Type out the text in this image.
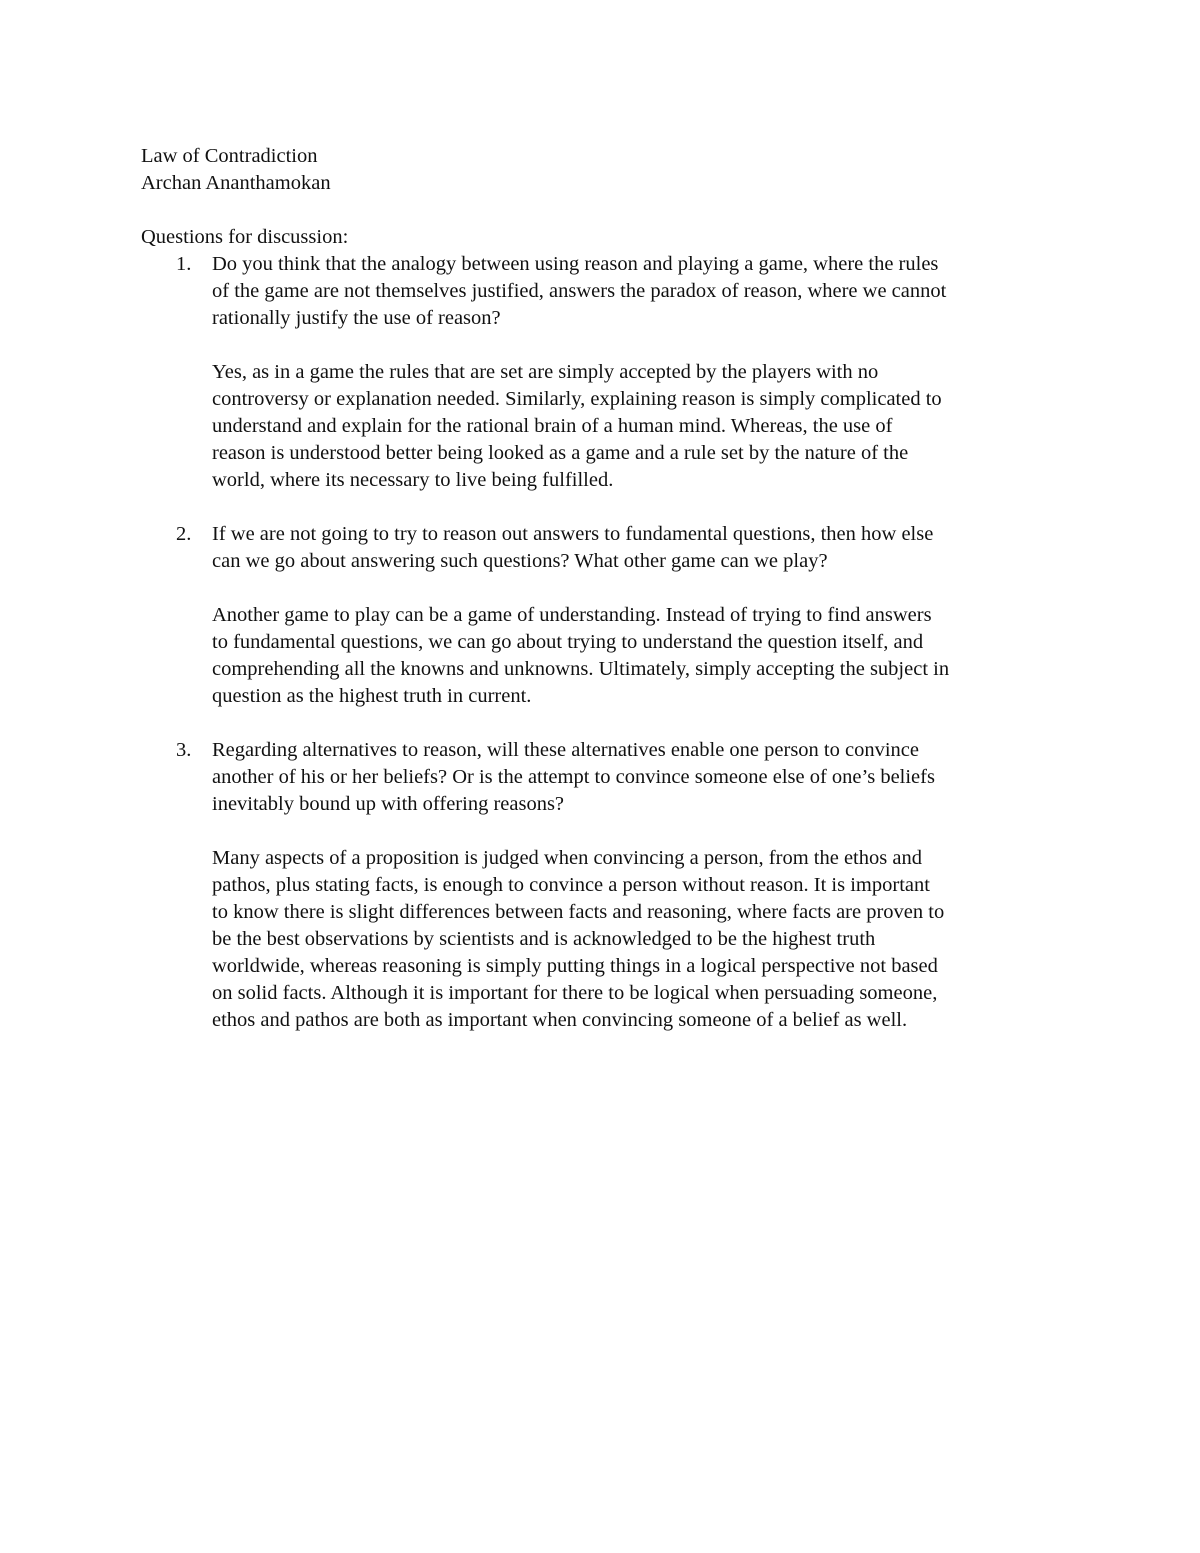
Law of Contradiction
Archan Ananthamokan
Questions for discussion:
1. Do you think that the analogy between using reason and playing a game, where the rules
of the game are not themselves justified, answers the paradox of reason, where we cannot
rationally justify the use of reason?
Yes, as in a game the rules that are set are simply accepted by the players with no
controversy or explanation needed. Similarly, explaining reason is simply complicated to
understand and explain for the rational brain of a human mind. Whereas, the use of
reason is understood better being looked as a game and a rule set by the nature of the
world, where its necessary to live being fulfilled.
2. If we are not going to try to reason out answers to fundamental questions, then how else
can we go about answering such questions? What other game can we play?
Another game to play can be a game of understanding. Instead of trying to find answers
to fundamental questions, we can go about trying to understand the question itself, and
comprehending all the knowns and unknowns. Ultimately, simply accepting the subject in
question as the highest truth in current.
3. Regarding alternatives to reason, will these alternatives enable one person to convince
another of his or her beliefs? Or is the attempt to convince someone else of one’s beliefs
inevitably bound up with offering reasons?
Many aspects of a proposition is judged when convincing a person, from the ethos and
pathos, plus stating facts, is enough to convince a person without reason. It is important
to know there is slight differences between facts and reasoning, where facts are proven to
be the best observations by scientists and is acknowledged to be the highest truth
worldwide, whereas reasoning is simply putting things in a logical perspective not based
on solid facts. Although it is important for there to be logical when persuading someone,
ethos and pathos are both as important when convincing someone of a belief as well.
